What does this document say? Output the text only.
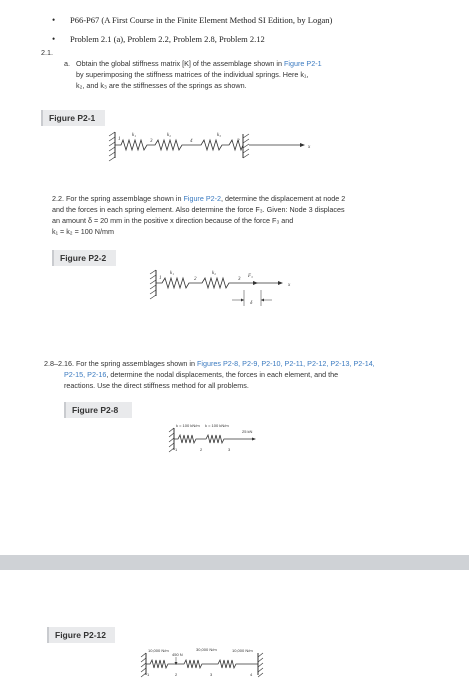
• P66-P67 (A First Course in the Finite Element Method SI Edition, by Logan)
• Problem 2.1 (a), Problem 2.2, Problem 2.8, Problem 2.12
2.1.
a. Obtain the global stiffness matrix [K] of the assemblage shown in Figure P2-1
by superimposing the stiffness matrices of the individual springs. Here k₁,
k₂, and k₃ are the stiffnesses of the springs as shown.
Figure P2-1
k₁	k₂	k₃
1	3	4	2
x
2.2. For the spring assemblage shown in Figure P2-2, determine the displacement at node 2
and the forces in each spring element. Also determine the force F₃. Given: Node 3 displaces
an amount δ = 20 mm in the positive x direction because of the force F₃ and
k₁ = k₂ = 100 N/mm
Figure P2-2
k₁	k₂
F₃
1	2	3
x
δ
2.8–2.16. For the spring assemblages shown in Figures P2-8, P2-9, P2-10, P2-11, P2-12, P2-13, P2-14,
P2-15, P2-16, determine the nodal displacements, the forces in each element, and the
reactions. Use the direct stiffness method for all problems.
Figure P2-8
k = 100 kN/m k = 100 kN/m
25 kN
1	2	3
Figure P2-12
10,000 N/m	30,000 N/m	10,000 N/m
450 N
1	2	3	4
